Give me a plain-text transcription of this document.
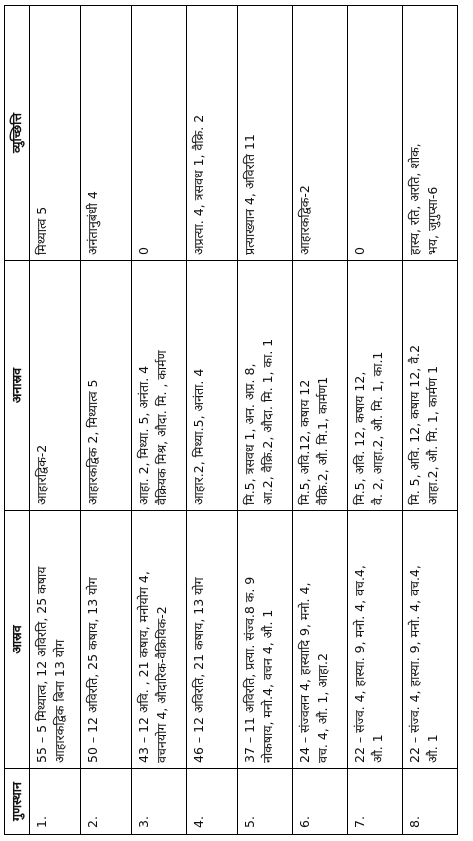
गुणस्थान	आस्रव	अनास्रव	व्युच्छित्ति
1.	55 – 5 मिथ्यात्व, 12 अविरति, 25 कषाय आहारकद्विक बिना 13 योग	आहारद्विक-2	मिथ्यात्व 5

2.	50 – 12 अविरति, 25 कषाय, 13 योग	आहारकद्विक 2, मिथ्यात्व 5	अनंतानुबंधी 4

3.	43 – 12 अवि. , 21 कषाय, मनोयोग 4, वचनयोग 4, औदारिक-वैक्रियिक-2	आहा. 2, मिथ्या. 5, अनंता. 4 वैक्रियक मिश्र, औदा. मि. , कार्मण	0

4.	46 – 12 अविरति, 21 कषाय, 13 योग	आहार.2, मिथ्या.5, अनंता. 4	अप्रत्या. 4, त्रसवध 1, वैक्रि. 2

5.	37 – 11 अविरति, प्रत्या. संज्व.8 क. 9 नोकषाय, मनो.4, वचन 4, औ. 1	मि.5, त्रसवध 1, अन. अप्र. 8, आ.2, वैक्रि.2, औदा. मि. 1, का. 1	प्रत्याख्यान 4, अविरति 11

6.	24 – संज्वलन 4, हास्यादि 9, मनो. 4, वच. 4, औ. 1, आहा.2	मि.5, अवि.12, कषाय 12 वैक्रि.2, औ. मि.1, कार्मण1	आहारकद्विक-2

7.	22 – संज्व. 4, हास्या. 9, मनो. 4, वच.4, औ. 1	मि.5, अवि. 12, कषाय 12, वै. 2, आहा.2, औ. मि. 1, का.1	0

8.	22 – संज्व. 4, हास्या. 9, मनो. 4, वच.4, औ. 1	मि. 5, अवि. 12, कषाय 12, वै.2 आहा.2, औ. मि. 1, कार्मण 1	हास्य, रति, अरति, शोक, भय, जुगुप्सा-6
